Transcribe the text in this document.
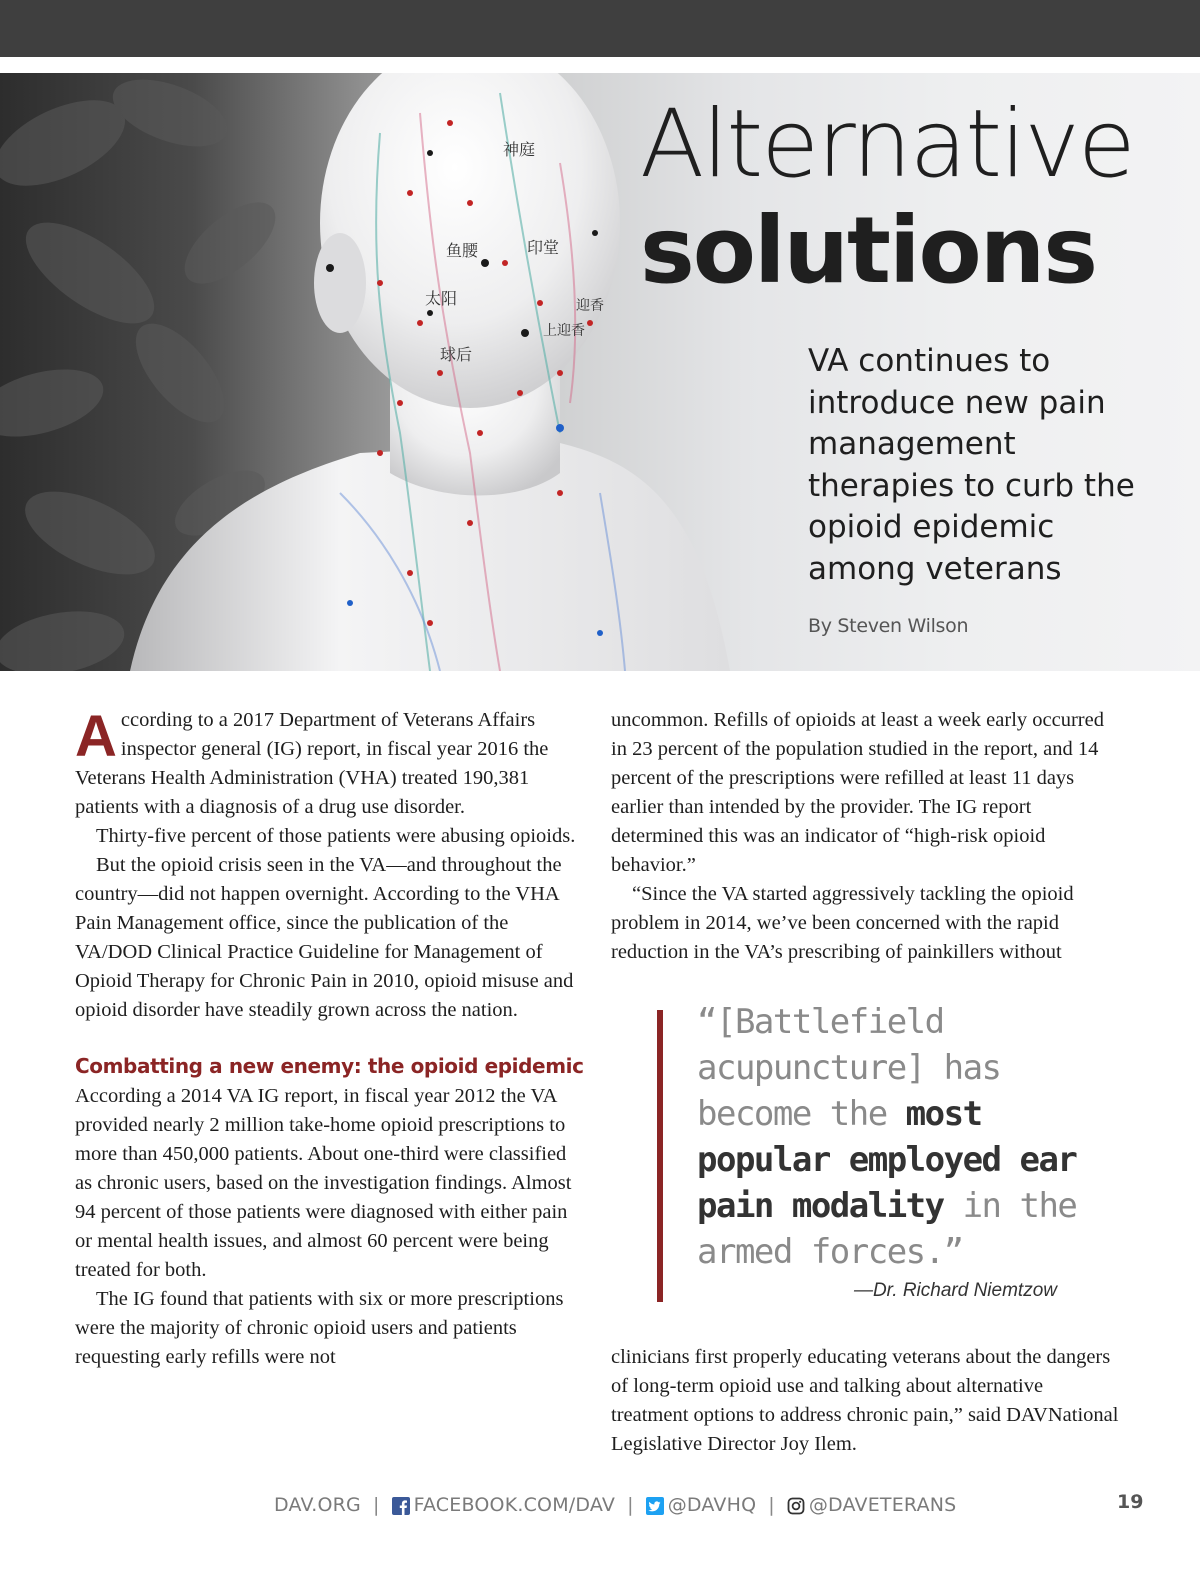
鱼腰	印堂
太阳
球后
神庭
上迎香
迎香
Alternative
solutions

VA continues to introduce new pain management therapies to curb the opioid epidemic among veterans

By Steven Wilson

According to a 2017 Department of Veterans Affairs inspector general (IG) report, in fiscal year 2016 the Veterans Health Administration (VHA) treated 190,381 patients with a diagnosis of a drug use disorder.

Thirty-five percent of those patients were abusing opioids.

But the opioid crisis seen in the VA—and throughout the country—did not happen overnight. According to the VHA Pain Management office, since the publication of the VA/DOD Clinical Practice Guideline for Management of Opioid Therapy for Chronic Pain in 2010, opioid misuse and opioid disorder have steadily grown across the nation.

Combatting a new enemy: the opioid epidemic

According a 2014 VA IG report, in fiscal year 2012 the VA provided nearly 2 million take-home opioid prescriptions to more than 450,000 patients. About one-third were classified as chronic users, based on the investigation findings. Almost 94 percent of those patients were diagnosed with either pain or mental health issues, and almost 60 percent were being treated for both.

The IG found that patients with six or more prescriptions were the majority of chronic opioid users and patients requesting early refills were not

uncommon. Refills of opioids at least a week early occurred in 23 percent of the population studied in the report, and 14 percent of the prescriptions were refilled at least 11 days earlier than intended by the provider. The IG report determined this was an indicator of “high-risk opioid behavior.”

“Since the VA started aggressively tackling the opioid problem in 2014, we’ve been concerned with the rapid reduction in the VA’s prescribing of painkillers without

“[Battlefield acupuncture] has become the most popular employed ear pain modality in the armed forces.”

—Dr. Richard Niemtzow

clinicians first properly educating veterans about the dangers of long-term opioid use and talking about alternative treatment options to address chronic pain,” said DAVNational Legislative Director Joy Ilem.

DAV.ORG |	FACEBOOK.COM/DAV |	@DAVHQ |	@DAVETERANS	19
